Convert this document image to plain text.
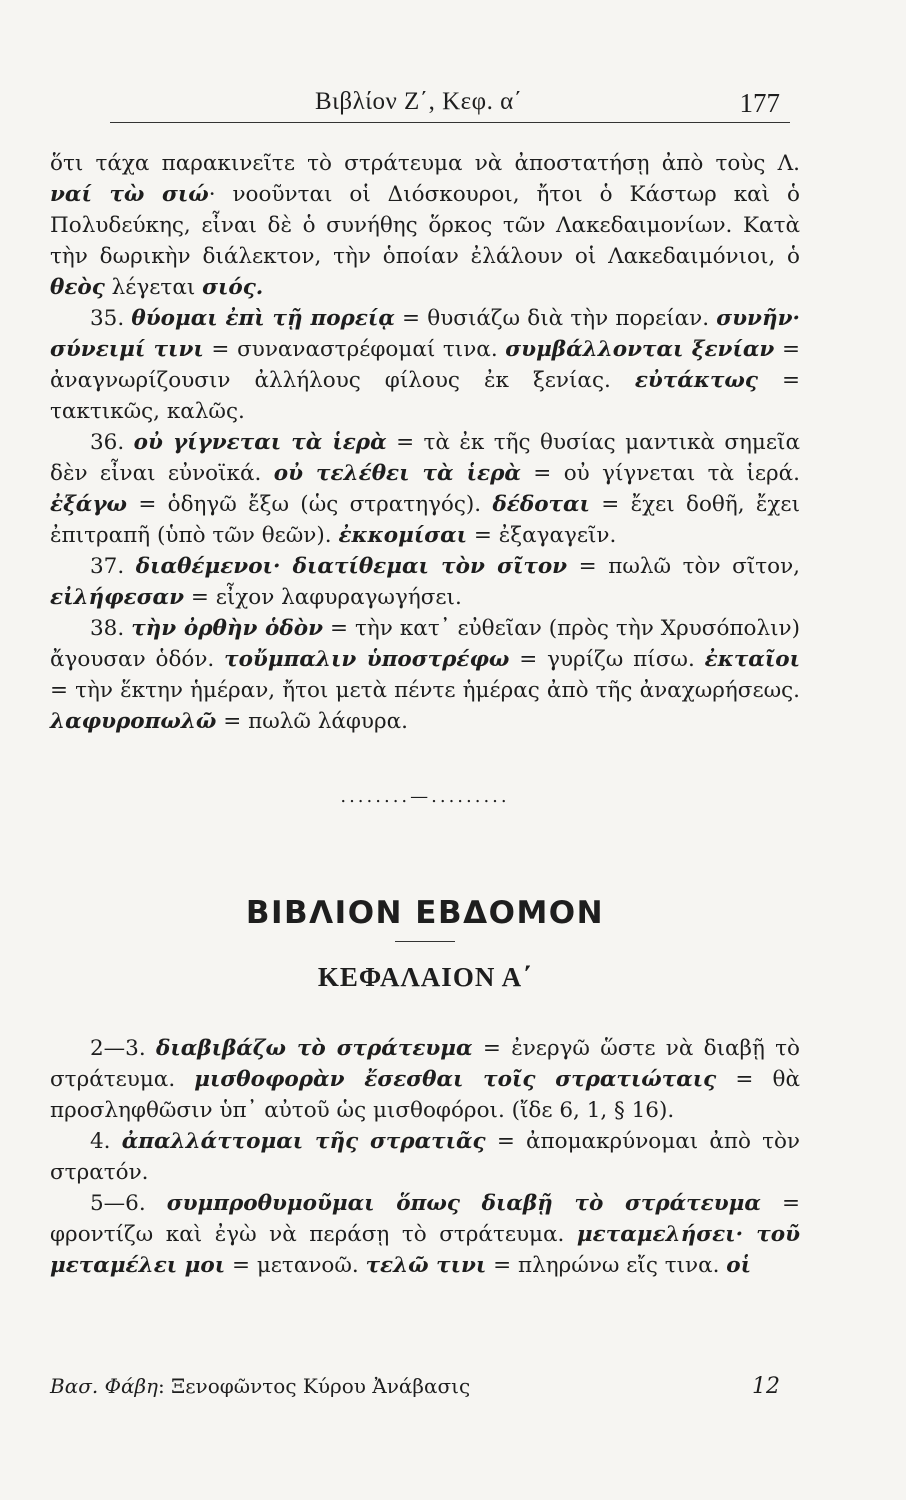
Βιβλίον Ζ΄, Κεφ. α΄	177

ὅτι τάχα παρακινεῖτε τὸ στράτευμα νὰ ἀποστατήσῃ ἀπὸ τοὺς Λ. ναί τὼ σιώ· νοοῦνται οἱ Διόσκουροι, ἤτοι ὁ Κάστωρ καὶ ὁ Πολυδεύκης, εἶναι δὲ ὁ συνήθης ὅρκος τῶν Λακεδαιμονίων. Κατὰ τὴν δωρικὴν διάλεκτον, τὴν ὁποίαν ἐλάλουν οἱ Λακεδαιμόνιοι, ὁ θεὸς λέγεται σιός.

35. θύομαι ἐπὶ τῇ πορείᾳ = θυσιάζω διὰ τὴν πορείαν. συνῆν· σύνειμί τινι = συναναστρέφομαί τινα. συμβάλλονται ξενίαν = ἀναγνωρίζουσιν ἀλλήλους φίλους ἐκ ξενίας. εὐτάκτως = τακτικῶς, καλῶς.

36. οὐ γίγνεται τὰ ἱερὰ = τὰ ἐκ τῆς θυσίας μαντικὰ σημεῖα δὲν εἶναι εὐνοϊκά. οὐ τελέθει τὰ ἱερὰ = οὐ γίγνεται τὰ ἱερά. ἐξάγω = ὁδηγῶ ἔξω (ὡς στρατηγός). δέδοται = ἔχει δοθῆ, ἔχει ἐπιτραπῆ (ὑπὸ τῶν θεῶν). ἐκκομίσαι = ἐξαγαγεῖν.

37. διαθέμενοι· διατίθεμαι τὸν σῖτον = πωλῶ τὸν σῖτον, εἰλήφεσαν = εἶχον λαφυραγωγήσει.

38. τὴν ὀρθὴν ὁδὸν = τὴν κατ᾽ εὐθεῖαν (πρὸς τὴν Χρυσόπολιν) ἄγουσαν ὁδόν. τοὔμπαλιν ὑποστρέφω = γυρίζω πίσω. ἐκταῖοι = τὴν ἕκτην ἡμέραν, ἤτοι μετὰ πέντε ἡμέρας ἀπὸ τῆς ἀναχωρήσεως. λαφυροπωλῶ = πωλῶ λάφυρα.

........—.........
ΒΙΒΛΙΟΝ ΕΒΔΟΜΟΝ
ΚΕΦΑΛΑΙΟΝ Α΄

2—3. διαβιβάζω τὸ στράτευμα = ἐνεργῶ ὥστε νὰ διαβῇ τὸ στράτευμα. μισθοφορὰν ἔσεσθαι τοῖς στρατιώταις = θὰ προσληφθῶσιν ὑπ᾽ αὐτοῦ ὡς μισθοφόροι. (ἴδε 6, 1, § 16).

4. ἀπαλλάττομαι τῆς στρατιᾶς = ἀπομακρύνομαι ἀπὸ τὸν στρατόν.

5—6. συμπροθυμοῦμαι ὅπως διαβῇ τὸ στράτευμα = φροντίζω καὶ ἐγὼ νὰ περάσῃ τὸ στράτευμα. μεταμελήσει· τοῦ μεταμέλει μοι = μετανοῶ. τελῶ τινι = πληρώνω εἴς τινα. οἱ

Βασ. Φάβη: Ξενοφῶντος Κύρου Ἀνάβασις	12
